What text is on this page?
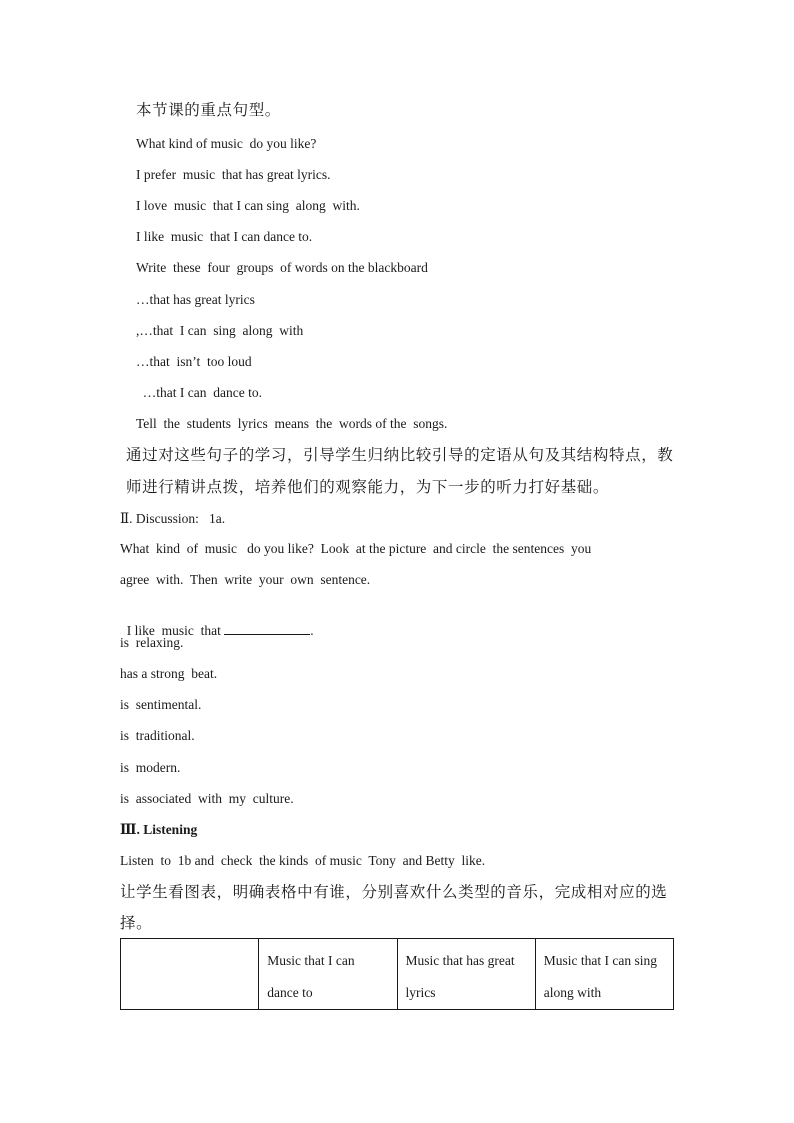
本节课的重点句型。
What kind of music  do you like?
I prefer  music  that has great lyrics.
I love  music  that I can sing  along  with.
I like  music  that I can dance to.
Write  these  four  groups  of words on the blackboard
…that has great lyrics
,…that  I can  sing  along  with
…that  isn’t  too loud
…that I can  dance to.
Tell  the  students  lyrics  means  the  words of the  songs.
通过对这些句子的学习，引导学生归纳比较引导的定语从句及其结构特点，教
师进行精讲点拨，培养他们的观察能力，为下一步的听力打好基础。
Ⅱ. Discussion:   1a.
What  kind  of  music   do you like?  Look  at the picture  and circle  the sentences  you
agree  with.  Then  write  your  own  sentence.

I like  music  that	.

is  relaxing.
has a strong  beat.
is  sentimental.
is  traditional.
is  modern.
is  associated  with  my  culture.
Ⅲ. Listening
Listen  to  1b and  check  the kinds  of music  Tony  and Betty  like.
让学生看图表，明确表格中有谁，分别喜欢什么类型的音乐，完成相对应的选
择。
	Music that I can dance to	Music that has great lyrics	Music that I can sing along with
